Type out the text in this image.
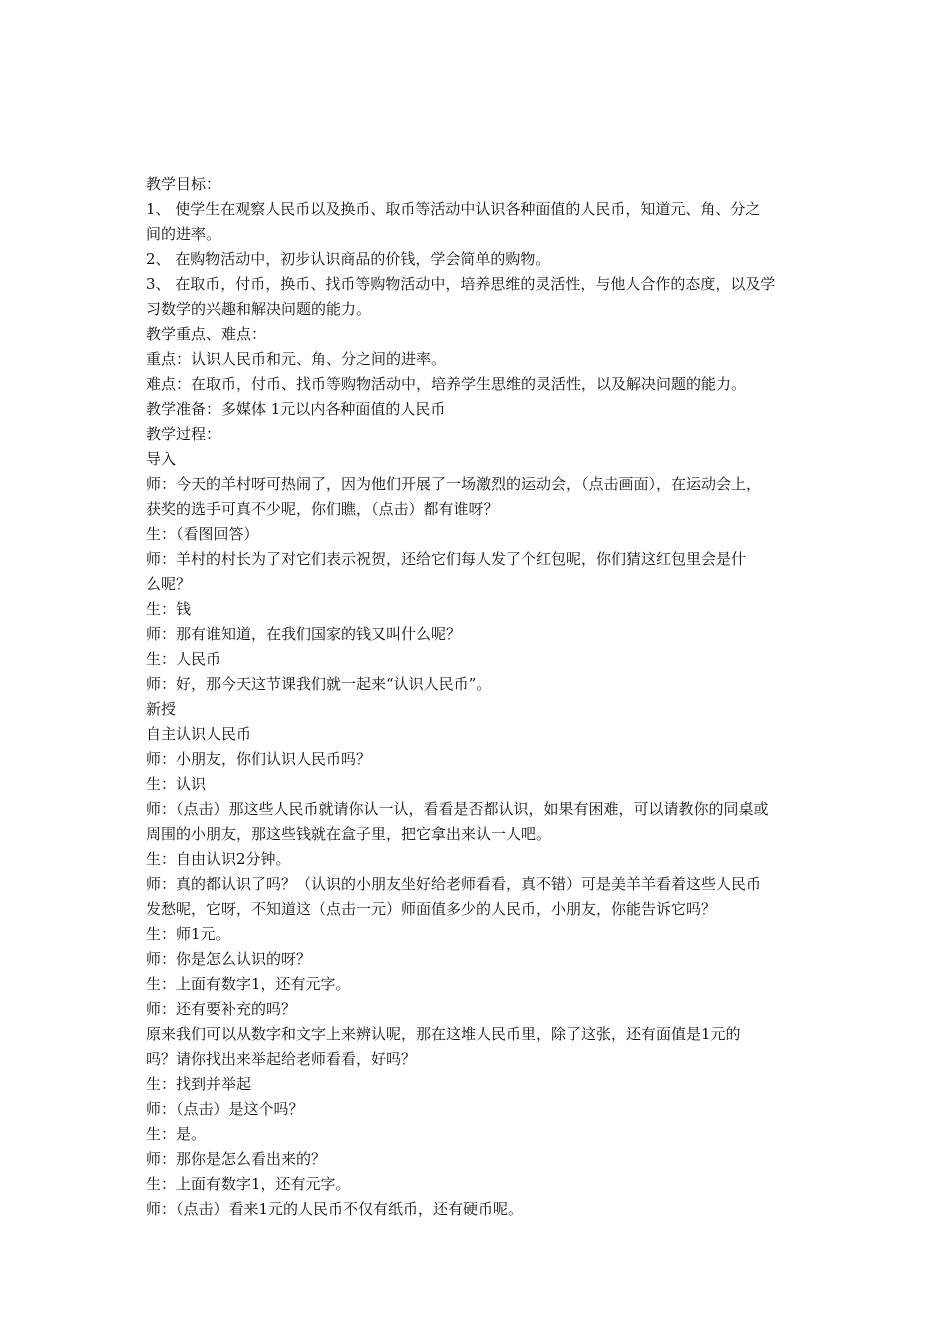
教学目标：

1、 使学生在观察人民币以及换币、取币等活动中认识各种面值的人民币，知道元、角、分之

间的进率。

2、 在购物活动中，初步认识商品的价钱，学会简单的购物。

3、 在取币，付币，换币、找币等购物活动中，培养思维的灵活性，与他人合作的态度，以及学

习数学的兴趣和解决问题的能力。

教学重点、难点：

重点：认识人民币和元、角、分之间的进率。

难点：在取币，付币、找币等购物活动中，培养学生思维的灵活性，以及解决问题的能力。

教学准备：多媒体 1元以内各种面值的人民币

教学过程：

导入

师：今天的羊村呀可热闹了，因为他们开展了一场激烈的运动会，（点击画面），在运动会上，

获奖的选手可真不少呢，你们瞧，（点击）都有谁呀？

生：（看图回答）

师：羊村的村长为了对它们表示祝贺，还给它们每人发了个红包呢，你们猜这红包里会是什

么呢？

生：钱

师：那有谁知道，在我们国家的钱又叫什么呢？

生：人民币

师：好，那今天这节课我们就一起来“认识人民币”。

新授

自主认识人民币

师：小朋友，你们认识人民币吗？

生：认识

师：（点击）那这些人民币就请你认一认，看看是否都认识，如果有困难，可以请教你的同桌或

周围的小朋友，那这些钱就在盒子里，把它拿出来认一人吧。

生：自由认识2分钟。

师：真的都认识了吗？（认识的小朋友坐好给老师看看，真不错）可是美羊羊看着这些人民币

发愁呢，它呀，不知道这（点击一元）师面值多少的人民币，小朋友，你能告诉它吗？

生：师1元。

师：你是怎么认识的呀？

生：上面有数字1，还有元字。

师：还有要补充的吗？

原来我们可以从数字和文字上来辨认呢，那在这堆人民币里，除了这张，还有面值是1元的

吗？请你找出来举起给老师看看，好吗？

生：找到并举起

师：（点击）是这个吗？

生：是。

师：那你是怎么看出来的？

生：上面有数字1，还有元字。

师：（点击）看来1元的人民币不仅有纸币，还有硬币呢。
